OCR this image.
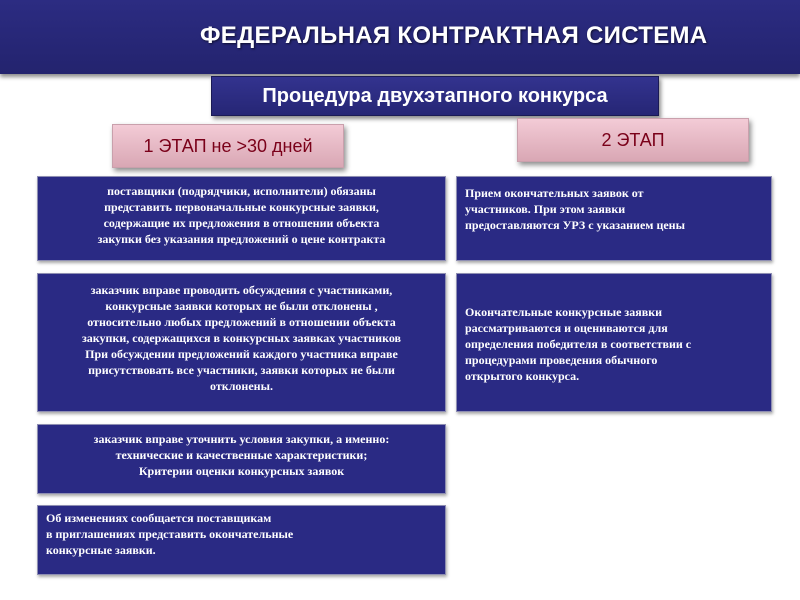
ФЕДЕРАЛЬНАЯ КОНТРАКТНАЯ СИСТЕМА
Процедура двухэтапного конкурса
1 ЭТАП не >30 дней	2 ЭТАП
поставщики (подрядчики, исполнители) обязаны
представить первоначальные конкурсные заявки,
содержащие их предложения в отношении объекта
закупки без указания предложений о цене контракта
заказчик вправе проводить обсуждения с участниками,
конкурсные заявки которых не были отклонены ,
относительно любых предложений в отношении объекта
закупки, содержащихся в конкурсных заявках участников
При обсуждении предложений каждого участника вправе
присутствовать все участники, заявки которых не были
отклонены.
заказчик вправе уточнить условия закупки, а именно:
технические и качественные характеристики;
Критерии оценки конкурсных заявок
Об изменениях сообщается поставщикам
в приглашениях представить окончательные
конкурсные заявки.
Прием окончательных заявок от
участников. При этом заявки
предоставляются УРЗ с указанием цены
Окончательные конкурсные заявки
рассматриваются и оцениваются для
определения победителя в соответствии с
процедурами проведения обычного
открытого конкурса.
